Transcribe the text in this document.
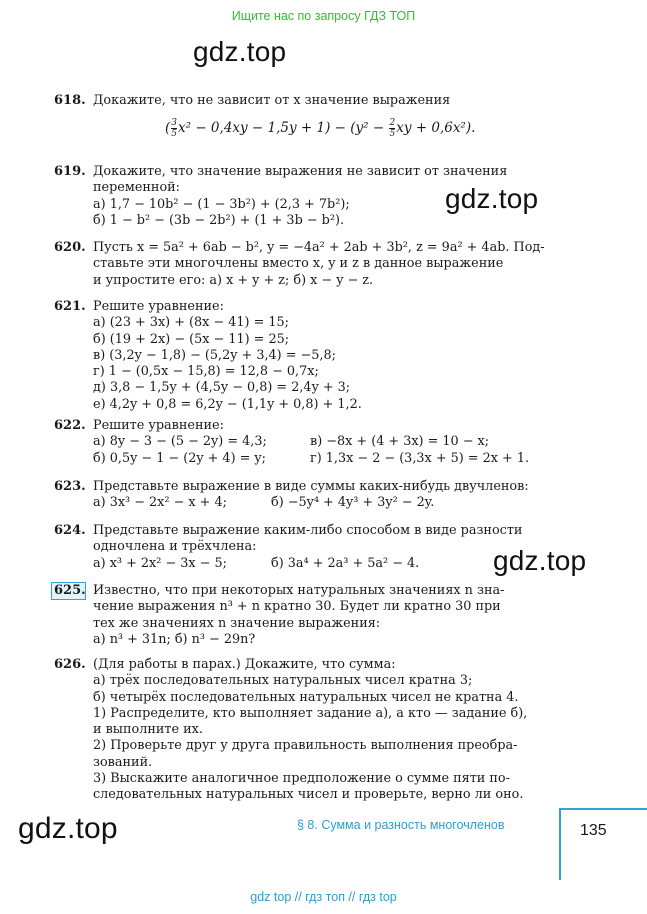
Ищите нас по запросу ГДЗ ТОП
gdz.top
gdz.top
gdz.top
gdz.top
618. Докажите, что не зависит от x значение выражения
( $\frac{3}{5} x^2 - 0,4xy - 1,5y + 1) - (y^2 - \frac{2}{5}$ xy + 0,6x²).
619. Докажите, что значение выражения не зависит от значения
переменной:
а) 1,7 − 10b² − (1 − 3b²) + (2,3 + 7b²);
б) 1 − b² − (3b − 2b²) + (1 + 3b − b²).
620. Пусть x = 5a² + 6ab − b², y = −4a² + 2ab + 3b², z = 9a² + 4ab. Под-
ставьте эти многочлены вместо x, y и z в данное выражение
и упростите его: а) x + y + z; б) x − y − z.
621. Решите уравнение:
а) (23 + 3x) + (8x − 41) = 15;
б) (19 + 2x) − (5x − 11) = 25;
в) (3,2y − 1,8) − (5,2y + 3,4) = −5,8;
г) 1 − (0,5x − 15,8) = 12,8 − 0,7x;
д) 3,8 − 1,5y + (4,5y − 0,8) = 2,4y + 3;
е) 4,2y + 0,8 = 6,2y − (1,1y + 0,8) + 1,2.
622. Решите уравнение:
а) 8y − 3 − (5 − 2y) = 4,3;	в) −8x + (4 + 3x) = 10 − x;
б) 0,5y − 1 − (2y + 4) = y;	г) 1,3x − 2 − (3,3x + 5) = 2x + 1.
623. Представьте выражение в виде суммы каких-нибудь двучленов:
а) 3x³ − 2x² − x + 4;	б) −5y⁴ + 4y³ + 3y² − 2y.
624. Представьте выражение каким-либо способом в виде разности
одночлена и трёхчлена:
а) x³ + 2x² − 3x − 5;	б) 3a⁴ + 2a³ + 5a² − 4.
625. Известно, что при некоторых натуральных значениях n зна-
чение выражения n³ + n кратно 30. Будет ли кратно 30 при
тех же значениях n значение выражения:
а) n³ + 31n; б) n³ − 29n?
626. (Для работы в парах.) Докажите, что сумма:
а) трёх последовательных натуральных чисел кратна 3;
б) четырёх последовательных натуральных чисел не кратна 4.
1) Распределите, кто выполняет задание а), а кто — задание б),
и выполните их.
2) Проверьте друг у друга правильность выполнения преобра-
зований.
3) Выскажите аналогичное предположение о сумме пяти по-
следовательных натуральных чисел и проверьте, верно ли оно.
§ 8. Сумма и разность многочленов	135
gdz top // гдз топ // гдз top
